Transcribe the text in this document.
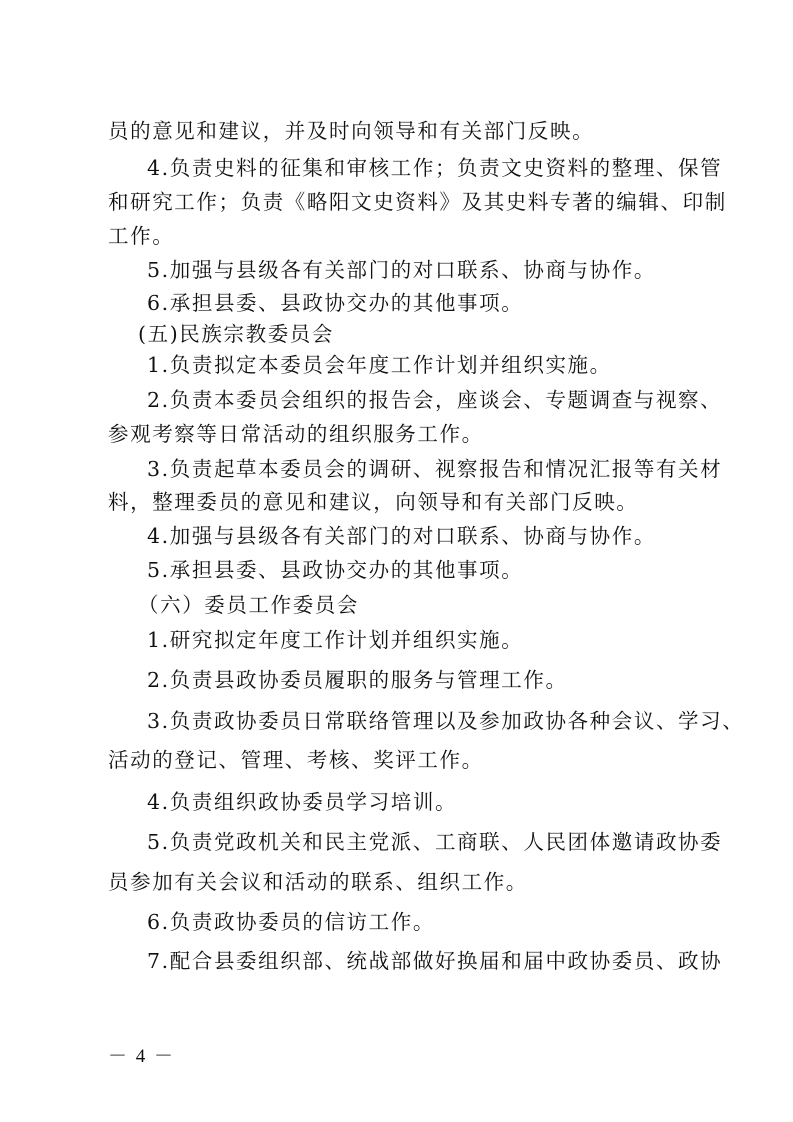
员的意见和建议，并及时向领导和有关部门反映。
4.负责史料的征集和审核工作；负责文史资料的整理、保管
和研究工作；负责《略阳文史资料》及其史料专著的编辑、印制
工作。
5.加强与县级各有关部门的对口联系、协商与协作。
6.承担县委、县政协交办的其他事项。
(五)民族宗教委员会
1.负责拟定本委员会年度工作计划并组织实施。
2.负责本委员会组织的报告会，座谈会、专题调查与视察、
参观考察等日常活动的组织服务工作。
3.负责起草本委员会的调研、视察报告和情况汇报等有关材
料，整理委员的意见和建议，向领导和有关部门反映。
4.加强与县级各有关部门的对口联系、协商与协作。
5.承担县委、县政协交办的其他事项。
（六）委员工作委员会
1.研究拟定年度工作计划并组织实施。
2.负责县政协委员履职的服务与管理工作。
3.负责政协委员日常联络管理以及参加政协各种会议、学习、
活动的登记、管理、考核、奖评工作。
4.负责组织政协委员学习培训。
5.负责党政机关和民主党派、工商联、人民团体邀请政协委
员参加有关会议和活动的联系、组织工作。
6.负责政协委员的信访工作。
7.配合县委组织部、统战部做好换届和届中政协委员、政协
－ 4 －
